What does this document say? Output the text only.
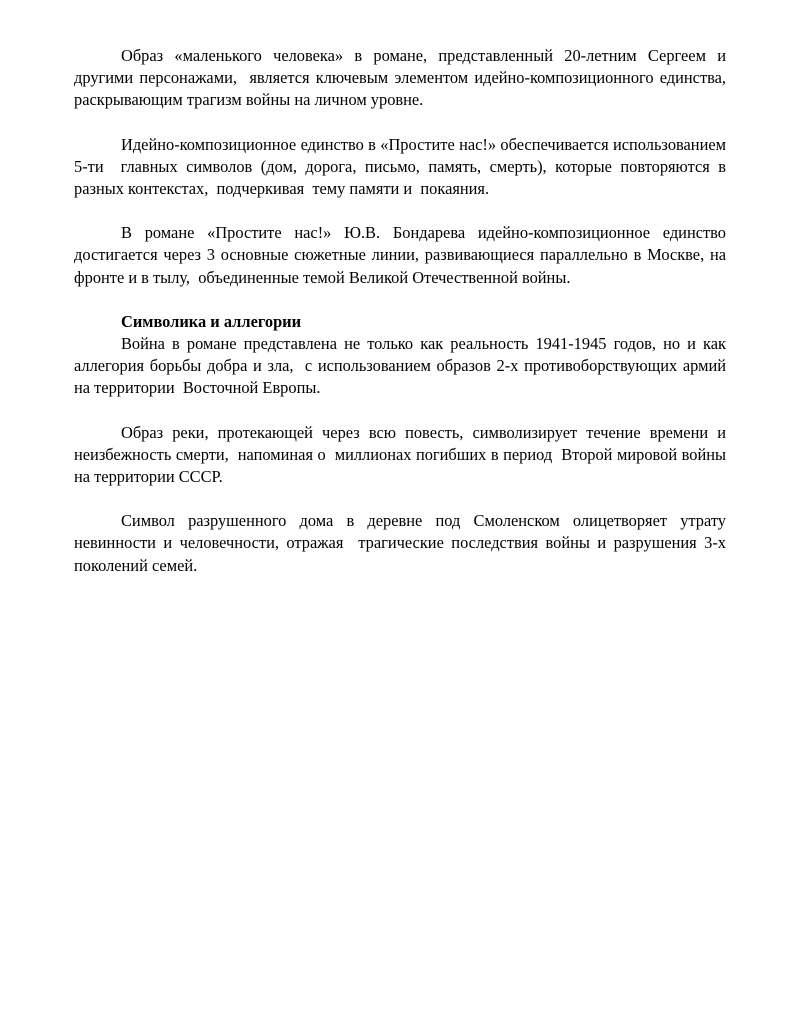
Образ «маленького человека» в романе, представленный 20-летним Сергеем и другими персонажами,  является ключевым элементом идейно-композиционного единства, раскрывающим трагизм войны на личном уровне.

Идейно-композиционное единство в «Простите нас!» обеспечивается использованием 5-ти  главных символов (дом, дорога, письмо, память, смерть), которые повторяются в разных контекстах,  подчеркивая  тему памяти и  покаяния.

В романе «Простите нас!» Ю.В. Бондарева идейно-композиционное единство достигается через 3 основные сюжетные линии, развивающиеся параллельно в Москве, на фронте и в тылу,  объединенные темой Великой Отечественной войны.

Символика и аллегории

Война в романе представлена не только как реальность 1941-1945 годов, но и как аллегория борьбы добра и зла,  с использованием образов 2-х противоборствующих армий на территории  Восточной Европы.

Образ реки, протекающей через всю повесть, символизирует течение времени и неизбежность смерти,  напоминая о  миллионах погибших в период  Второй мировой войны на территории СССР.

Символ разрушенного дома в деревне под Смоленском олицетворяет утрату невинности и человечности, отражая  трагические последствия войны и разрушения 3-х поколений семей.
